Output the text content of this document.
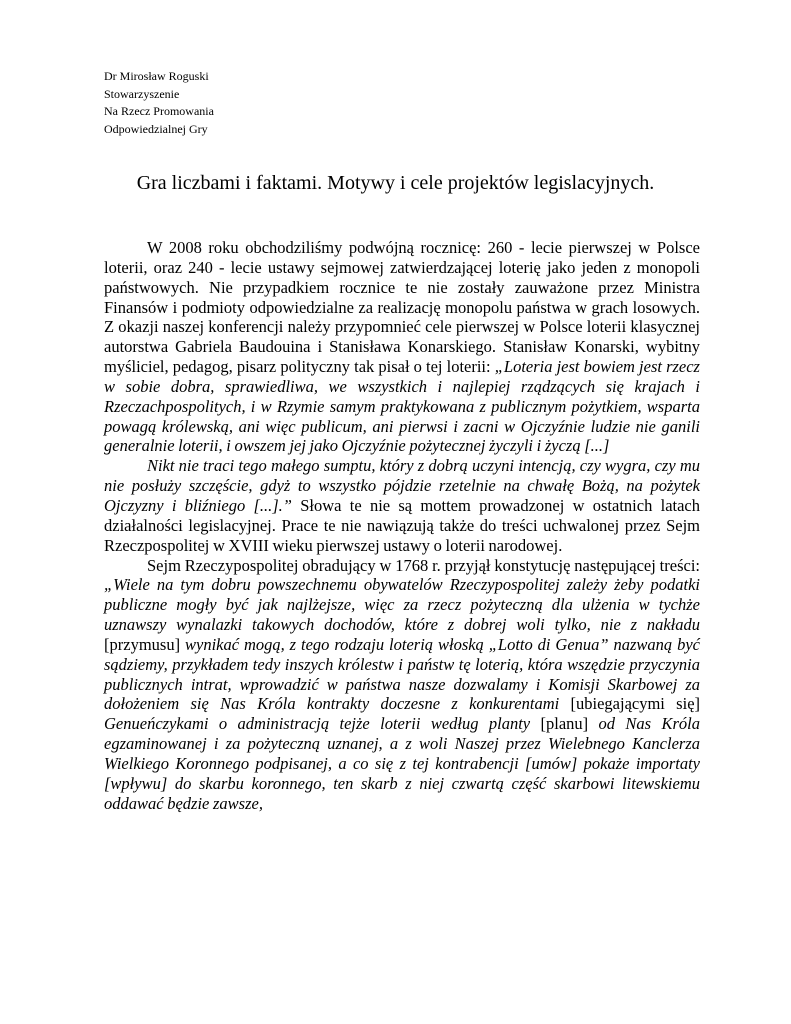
Dr Mirosław Roguski
Stowarzyszenie
Na Rzecz Promowania
Odpowiedzialnej Gry
Gra liczbami i faktami. Motywy i cele projektów legislacyjnych.

W 2008 roku obchodziliśmy podwójną rocznicę: 260 - lecie pierwszej w Polsce loterii, oraz 240 - lecie ustawy sejmowej zatwierdzającej loterię jako jeden z monopoli państwowych. Nie przypadkiem rocznice te nie zostały zauważone przez Ministra Finansów i podmioty odpowiedzialne za realizację monopolu państwa w grach losowych. Z okazji naszej konferencji należy przypomnieć cele pierwszej w Polsce loterii klasycznej autorstwa Gabriela Baudouina i Stanisława Konarskiego. Stanisław Konarski, wybitny myśliciel, pedagog, pisarz polityczny tak pisał o tej loterii: „Loteria jest bowiem jest rzecz w sobie dobra, sprawiedliwa, we wszystkich i najlepiej rządzących się krajach i Rzeczachpospolitych, i w Rzymie samym praktykowana z publicznym pożytkiem, wsparta powagą królewską, ani więc publicum, ani pierwsi i zacni w Ojczyźnie ludzie nie ganili generalnie loterii, i owszem jej jako Ojczyźnie pożytecznej życzyli i życzą [...]

Nikt nie traci tego małego sumptu, który z dobrą uczyni intencją, czy wygra, czy mu nie posłuży szczęście, gdyż to wszystko pójdzie rzetelnie na chwałę Bożą, na pożytek Ojczyzny i bliźniego [...].” Słowa te nie są mottem prowadzonej w ostatnich latach działalności legislacyjnej. Prace te nie nawiązują także do treści uchwalonej przez Sejm Rzeczpospolitej w XVIII wieku pierwszej ustawy o loterii narodowej.

Sejm Rzeczypospolitej obradujący w 1768 r. przyjął konstytucję następującej treści: „Wiele na tym dobru powszechnemu obywatelów Rzeczypospolitej zależy żeby podatki publiczne mogły być jak najlżejsze, więc za rzecz pożyteczną dla ulżenia w tychże uznawszy wynalazki takowych dochodów, które z dobrej woli tylko, nie z nakładu [przymusu] wynikać mogą, z tego rodzaju loterią włoską „Lotto di Genua” nazwaną być sądziemy, przykładem tedy inszych królestw i państw tę loterią, która wszędzie przyczynia publicznych intrat, wprowadzić w państwa nasze dozwalamy i Komisji Skarbowej za dołożeniem się Nas Króla kontrakty doczesne z konkurentami [ubiegającymi się] Genueńczykami o administracją tejże loterii według planty [planu] od Nas Króla egzaminowanej i za pożyteczną uznanej, a z woli Naszej przez Wielebnego Kanclerza Wielkiego Koronnego podpisanej, a co się z tej kontrabencji [umów] pokaże importaty [wpływu] do skarbu koronnego, ten skarb z niej czwartą część skarbowi litewskiemu oddawać będzie zawsze,
